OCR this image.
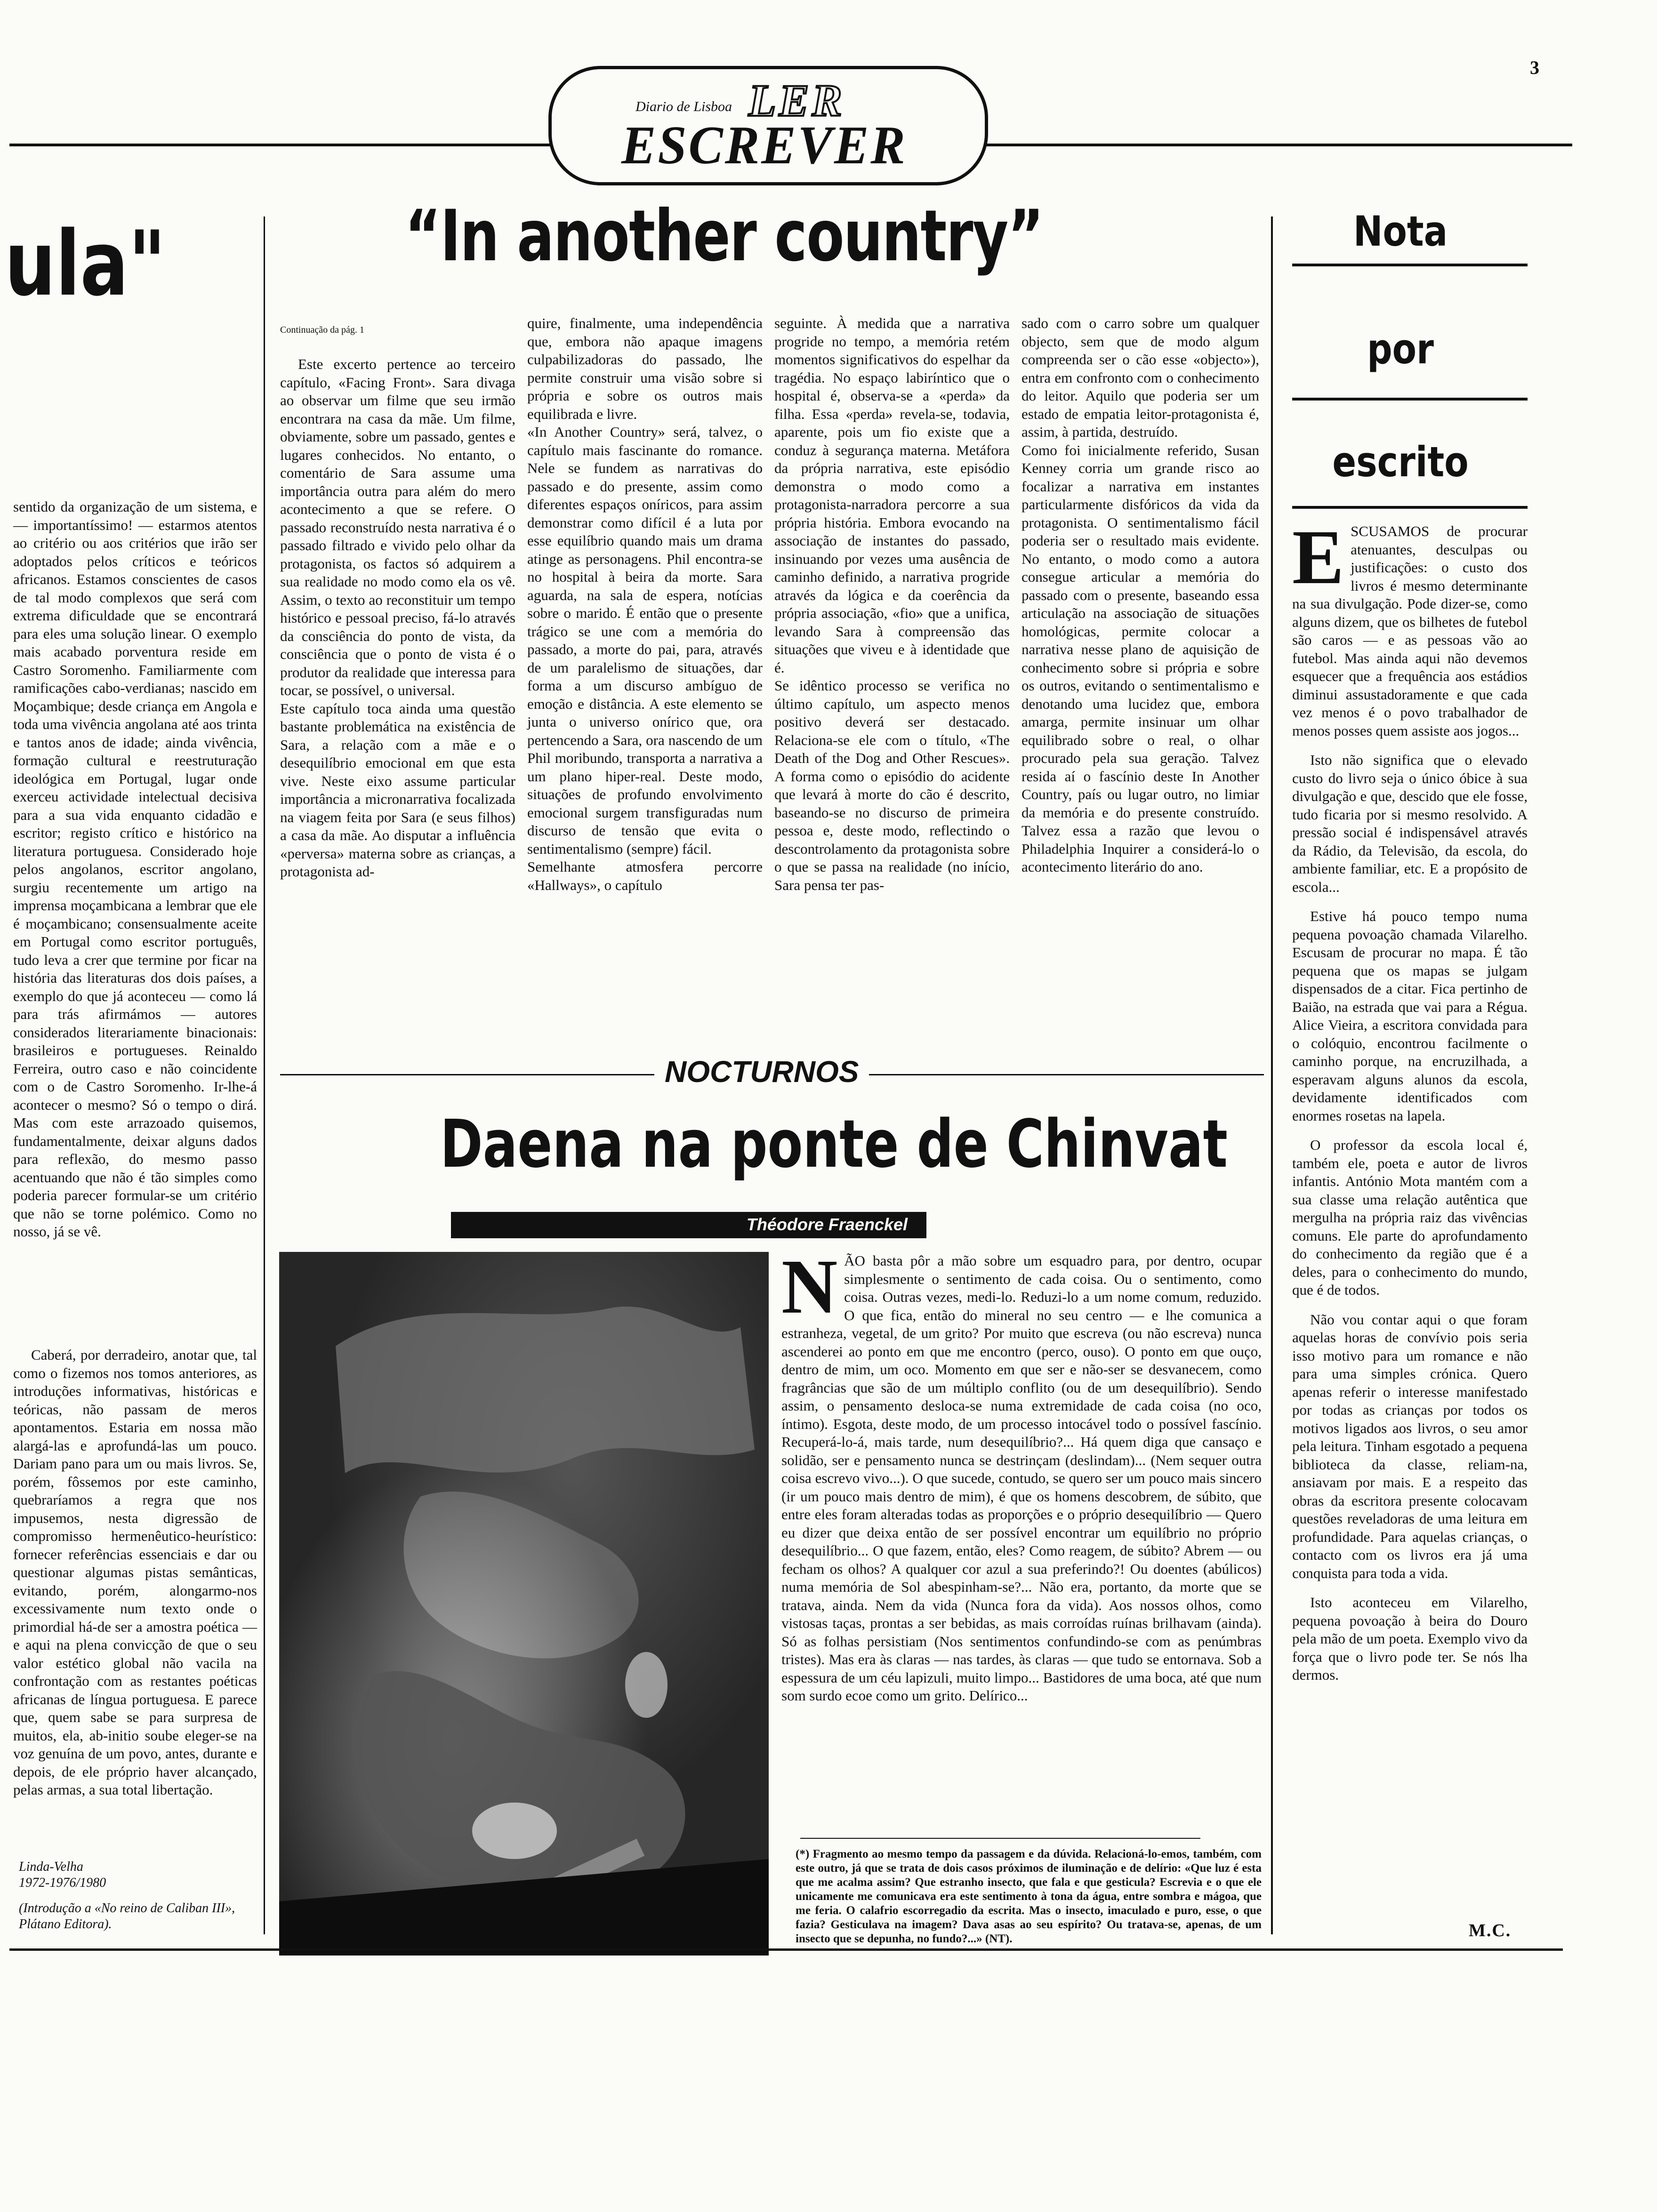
3
Diario de Lisboa LER
ESCREVER
ula"

sentido da organização de um sistema, e — importantíssimo! — estarmos atentos ao critério ou aos critérios que irão ser adoptados pelos críticos e teóricos africanos. Estamos conscientes de casos de tal modo complexos que será com extrema dificuldade que se encontrará para eles uma solução linear. O exemplo mais acabado porventura reside em Castro Soromenho. Familiarmente com ramificações cabo-verdianas; nascido em Moçambique; desde criança em Angola e toda uma vivência angolana até aos trinta e tantos anos de idade; ainda vivência, formação cultural e reestruturação ideológica em Portugal, lugar onde exerceu actividade intelectual decisiva para a sua vida enquanto cidadão e escritor; registo crítico e histórico na literatura portuguesa. Considerado hoje pelos angolanos, escritor angolano, surgiu recentemente um artigo na imprensa moçambicana a lembrar que ele é moçambicano; consensualmente aceite em Portugal como escritor português, tudo leva a crer que termine por ficar na história das literaturas dos dois países, a exemplo do que já aconteceu — como lá para trás afirmámos — autores considerados literariamente binacionais: brasileiros e portugueses. Reinaldo Ferreira, outro caso e não coincidente com o de Castro Soromenho. Ir-lhe-á acontecer o mesmo? Só o tempo o dirá. Mas com este arrazoado quisemos, fundamentalmente, deixar alguns dados para reflexão, do mesmo passo acentuando que não é tão simples como poderia parecer formular-se um critério que não se torne polémico. Como no nosso, já se vê.

Caberá, por derradeiro, anotar que, tal como o fizemos nos tomos anteriores, as introduções informativas, históricas e teóricas, não passam de meros apontamentos. Estaria em nossa mão alargá-las e aprofundá-las um pouco. Dariam pano para um ou mais livros. Se, porém, fôssemos por este caminho, quebraríamos a regra que nos impusemos, nesta digressão de compromisso hermenêutico-heurístico: fornecer referências essenciais e dar ou questionar algumas pistas semânticas, evitando, porém, alongarmo-nos excessivamente num texto onde o primordial há-de ser a amostra poética — e aqui na plena convicção de que o seu valor estético global não vacila na confrontação com as restantes poéticas africanas de língua portuguesa. E parece que, quem sabe se para surpresa de muitos, ela, ab-initio soube eleger-se na voz genuína de um povo, antes, durante e depois, de ele próprio haver alcançado, pelas armas, a sua total libertação.

Linda-Velha
1972-1976/1980
(Introdução a «No reino de Caliban III», Plátano Editora).
“In another country”
Continuação da pág. 1

Este excerto pertence ao terceiro capítulo, «Facing Front». Sara divaga ao observar um filme que seu irmão encontrara na casa da mãe. Um filme, obviamente, sobre um passado, gentes e lugares conhecidos. No entanto, o comentário de Sara assume uma importância outra para além do mero acontecimento a que se refere. O passado reconstruído nesta narrativa é o passado filtrado e vivido pelo olhar da protagonista, os factos só adquirem a sua realidade no modo como ela os vê. Assim, o texto ao reconstituir um tempo histórico e pessoal preciso, fá-lo através da consciência do ponto de vista, da consciência que o ponto de vista é o produtor da realidade que interessa para tocar, se possível, o universal.
Este capítulo toca ainda uma questão bastante problemática na existência de Sara, a relação com a mãe e o desequilíbrio emocional em que esta vive. Neste eixo assume particular importância a micronarrativa focalizada na viagem feita por Sara (e seus filhos) a casa da mãe. Ao disputar a influência «perversa» materna sobre as crianças, a protagonista ad-

quire, finalmente, uma independência que, embora não apaque imagens culpabilizadoras do passado, lhe permite construir uma visão sobre si própria e sobre os outros mais equilibrada e livre.
«In Another Country» será, talvez, o capítulo mais fascinante do romance. Nele se fundem as narrativas do passado e do presente, assim como diferentes espaços oníricos, para assim demonstrar como difícil é a luta por esse equilíbrio quando mais um drama atinge as personagens. Phil encontra-se no hospital à beira da morte. Sara aguarda, na sala de espera, notícias sobre o marido. É então que o presente trágico se une com a memória do passado, a morte do pai, para, através de um paralelismo de situações, dar forma a um discurso ambíguo de emoção e distância. A este elemento se junta o universo onírico que, ora pertencendo a Sara, ora nascendo de um Phil moribundo, transporta a narrativa a um plano hiper-real. Deste modo, situações de profundo envolvimento emocional surgem transfiguradas num discurso de tensão que evita o sentimentalismo (sempre) fácil.
Semelhante atmosfera percorre «Hallways», o capítulo

seguinte. À medida que a narrativa progride no tempo, a memória retém momentos significativos do espelhar da tragédia. No espaço labiríntico que o hospital é, observa-se a «perda» da filha. Essa «perda» revela-se, todavia, aparente, pois um fio existe que a conduz à segurança materna. Metáfora da própria narrativa, este episódio demonstra o modo como a protagonista-narradora percorre a sua própria história. Embora evocando na associação de instantes do passado, insinuando por vezes uma ausência de caminho definido, a narrativa progride através da lógica e da coerência da própria associação, «fio» que a unifica, levando Sara à compreensão das situações que viveu e à identidade que é.
Se idêntico processo se verifica no último capítulo, um aspecto menos positivo deverá ser destacado. Relaciona-se ele com o título, «The Death of the Dog and Other Rescues». A forma como o episódio do acidente que levará à morte do cão é descrito, baseando-se no discurso de primeira pessoa e, deste modo, reflectindo o descontrolamento da protagonista sobre o que se passa na realidade (no início, Sara pensa ter pas-

sado com o carro sobre um qualquer objecto, sem que de modo algum compreenda ser o cão esse «objecto»), entra em confronto com o conhecimento do leitor. Aquilo que poderia ser um estado de empatia leitor-protagonista é, assim, à partida, destruído.
Como foi inicialmente referido, Susan Kenney corria um grande risco ao focalizar a narrativa em instantes particularmente disfóricos da vida da protagonista. O sentimentalismo fácil poderia ser o resultado mais evidente. No entanto, o modo como a autora consegue articular a memória do passado com o presente, baseando essa articulação na associação de situações homológicas, permite colocar a narrativa nesse plano de aquisição de conhecimento sobre si própria e sobre os outros, evitando o sentimentalismo e denotando uma lucidez que, embora amarga, permite insinuar um olhar equilibrado sobre o real, o olhar procurado pela sua geração. Talvez resida aí o fascínio deste In Another Country, país ou lugar outro, no limiar da memória e do presente construído. Talvez essa a razão que levou o Philadelphia Inquirer a considerá-lo o acontecimento literário do ano.

NOCTURNOS
Daena na ponte de Chinvat
Théodore Fraenckel
N ÃO basta pôr a mão sobre um esquadro para, por dentro, ocupar simplesmente o sentimento de cada coisa. Ou o sentimento, como coisa. Outras vezes, medi-lo. Reduzi-lo a um nome comum, reduzido. O que fica, então do mineral no seu centro — e lhe comunica a estranheza, vegetal, de um grito? Por muito que escreva (ou não escreva) nunca ascenderei ao ponto em que me encontro (perco, ouso). O ponto em que ouço, dentro de mim, um oco. Momento em que ser e não-ser se desvanecem, como fragrâncias que são de um múltiplo conflito (ou de um desequilíbrio). Sendo assim, o pensamento desloca-se numa extremidade de cada coisa (no oco, íntimo). Esgota, deste modo, de um processo intocável todo o possível fascínio. Recuperá-lo-á, mais tarde, num desequilíbrio?... Há quem diga que cansaço e solidão, ser e pensamento nunca se destrinçam (deslindam)... (Nem sequer outra coisa escrevo vivo...). O que sucede, contudo, se quero ser um pouco mais sincero (ir um pouco mais dentro de mim), é que os homens descobrem, de súbito, que entre eles foram alteradas todas as proporções e o próprio desequilíbrio — Quero eu dizer que deixa então de ser possível encontrar um equilíbrio no próprio desequilíbrio... O que fazem, então, eles? Como reagem, de súbito? Abrem — ou fecham os olhos? A qualquer cor azul a sua preferindo?! Ou doentes (abúlicos) numa memória de Sol abespinham-se?... Não era, portanto, da morte que se tratava, ainda. Nem da vida (Nunca fora da vida). Aos nossos olhos, como vistosas taças, prontas a ser bebidas, as mais corroídas ruínas brilhavam (ainda). Só as folhas persistiam (Nos sentimentos confundindo-se com as penúmbras tristes). Mas era às claras — nas tardes, às claras — que tudo se entornava. Sob a espessura de um céu lapizuli, muito limpo... Bastidores de uma boca, até que num som surdo ecoe como um grito. Delírico...
(*) Fragmento ao mesmo tempo da passagem e da dúvida. Relacioná-lo-emos, também, com este outro, já que se trata de dois casos próximos de iluminação e de delírio: «Que luz é esta que me acalma assim? Que estranho insecto, que fala e que gesticula? Escrevia e o que ele unicamente me comunicava era este sentimento à tona da água, entre sombra e mágoa, que me feria. O calafrio escorregadio da escrita. Mas o insecto, imaculado e puro, esse, o que fazia? Gesticulava na imagem? Dava asas ao seu espírito? Ou tratava-se, apenas, de um insecto que se depunha, no fundo?...» (NT).
Nota
por
escrito

E SCUSAMOS de procurar atenuantes, desculpas ou justificações: o custo dos livros é mesmo determinante na sua divulgação. Pode dizer-se, como alguns dizem, que os bilhetes de futebol são caros — e as pessoas vão ao futebol. Mas ainda aqui não devemos esquecer que a frequência aos estádios diminui assustadoramente e que cada vez menos é o povo trabalhador de menos posses quem assiste aos jogos...

Isto não significa que o elevado custo do livro seja o único óbice à sua divulgação e que, descido que ele fosse, tudo ficaria por si mesmo resolvido. A pressão social é indispensável através da Rádio, da Televisão, da escola, do ambiente familiar, etc. E a propósito de escola...

Estive há pouco tempo numa pequena povoação chamada Vilarelho. Escusam de procurar no mapa. É tão pequena que os mapas se julgam dispensados de a citar. Fica pertinho de Baião, na estrada que vai para a Régua. Alice Vieira, a escritora convidada para o colóquio, encontrou facilmente o caminho porque, na encruzilhada, a esperavam alguns alunos da escola, devidamente identificados com enormes rosetas na lapela.

O professor da escola local é, também ele, poeta e autor de livros infantis. António Mota mantém com a sua classe uma relação autêntica que mergulha na própria raiz das vivências comuns. Ele parte do aprofundamento do conhecimento da região que é a deles, para o conhecimento do mundo, que é de todos.

Não vou contar aqui o que foram aquelas horas de convívio pois seria isso motivo para um romance e não para uma simples crónica. Quero apenas referir o interesse manifestado por todas as crianças por todos os motivos ligados aos livros, o seu amor pela leitura. Tinham esgotado a pequena biblioteca da classe, reliam-na, ansiavam por mais. E a respeito das obras da escritora presente colocavam questões reveladoras de uma leitura em profundidade. Para aquelas crianças, o contacto com os livros era já uma conquista para toda a vida.

Isto aconteceu em Vilarelho, pequena povoação à beira do Douro pela mão de um poeta. Exemplo vivo da força que o livro pode ter. Se nós lha dermos.

M.C.
